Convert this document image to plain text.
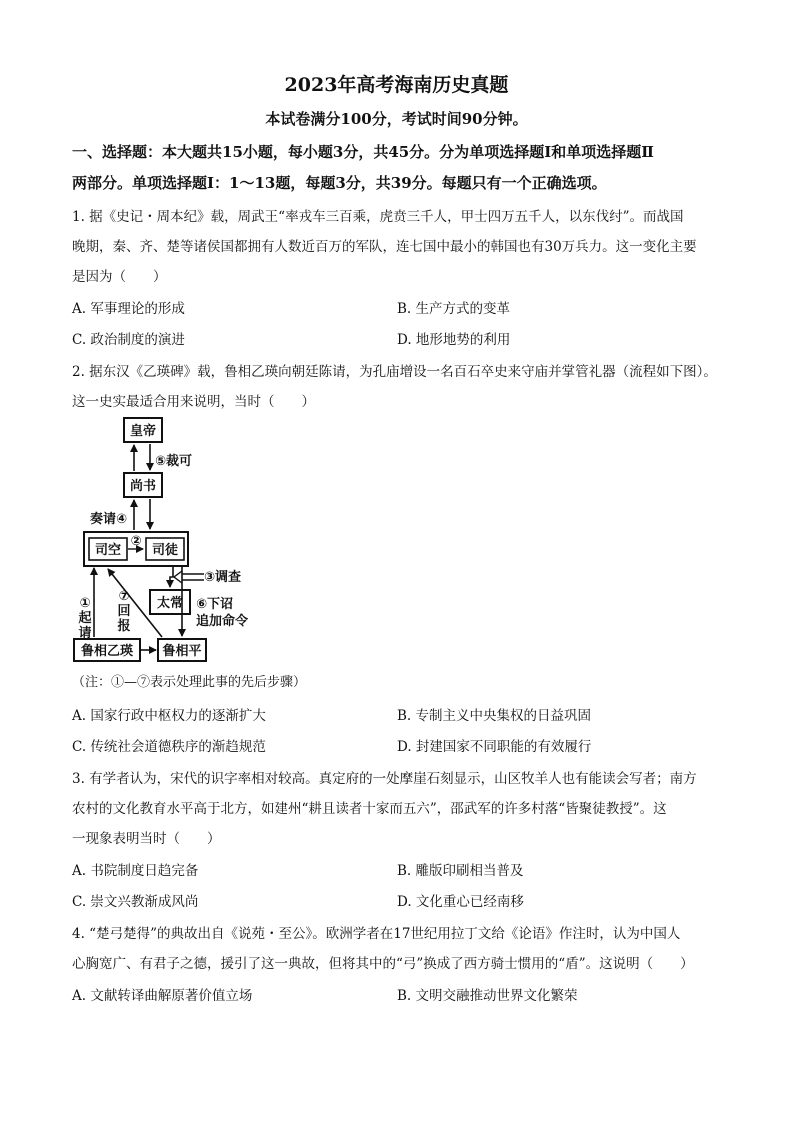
2023年高考海南历史真题
本试卷满分100分，考试时间90分钟。
一、选择题：本大题共15小题，每小题3分，共45分。分为单项选择题Ⅰ和单项选择题Ⅱ
两部分。单项选择题Ⅰ：1～13题，每题3分，共39分。每题只有一个正确选项。
1. 据《史记・周本纪》载，周武王“率戎车三百乘，虎贲三千人，甲士四万五千人，以东伐纣”。而战国
晚期，秦、齐、楚等诸侯国都拥有人数近百万的军队，连七国中最小的韩国也有30万兵力。这一变化主要
是因为（　　）
A. 军事理论的形成	B. 生产方式的变革
C. 政治制度的演进	D. 地形地势的利用
2. 据东汉《乙瑛碑》载，鲁相乙瑛向朝廷陈请，为孔庙增设一名百石卒史来守庙并掌管礼器（流程如下图）。
这一史实最适合用来说明，当时（　　）
皇帝
尚书
司空 司徒
太常
鲁相乙瑛 鲁相平
⑤裁可
奏请④
②
③调查
⑥下诏
追加命令
①
起
请
⑦
回
报
（注：①—⑦表示处理此事的先后步骤）
A. 国家行政中枢权力的逐渐扩大	B. 专制主义中央集权的日益巩固
C. 传统社会道德秩序的渐趋规范	D. 封建国家不同职能的有效履行
3. 有学者认为，宋代的识字率相对较高。真定府的一处摩崖石刻显示，山区牧羊人也有能读会写者；南方
农村的文化教育水平高于北方，如建州“耕且读者十家而五六”，邵武军的许多村落“皆聚徒教授”。这
一现象表明当时（　　）
A. 书院制度日趋完备	B. 雕版印刷相当普及
C. 崇文兴教渐成风尚	D. 文化重心已经南移
4. “楚弓楚得”的典故出自《说苑・至公》。欧洲学者在17世纪用拉丁文给《论语》作注时，认为中国人
心胸宽广、有君子之德，援引了这一典故，但将其中的“弓”换成了西方骑士惯用的“盾”。这说明（　　）
A. 文献转译曲解原著价值立场	B. 文明交融推动世界文化繁荣
